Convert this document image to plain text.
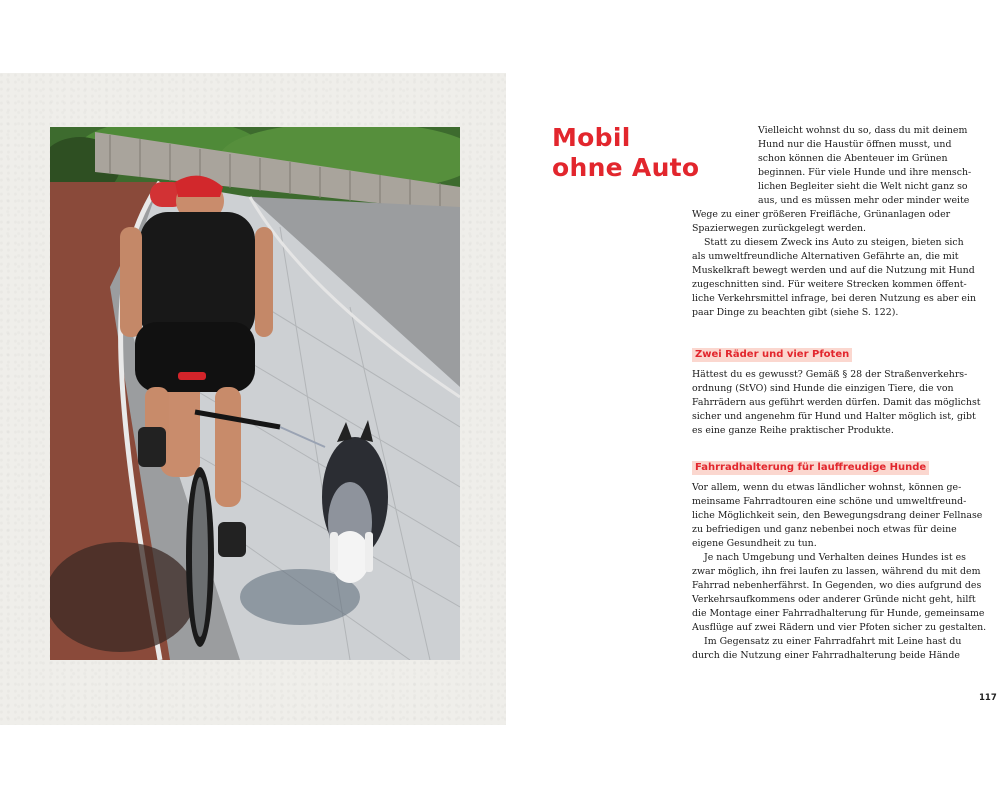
Mobil
ohne Auto
Vielleicht wohnst du so, dass du mit deinem
Hund nur die Haustür öffnen musst, und
schon können die Abenteuer im Grünen
beginnen. Für viele Hunde und ihre mensch-
lichen Begleiter sieht die Welt nicht ganz so
aus, und es müssen mehr oder minder weite
Wege zu einer größeren Freifläche, Grünanlagen oder
Spazierwegen zurückgelegt werden.
Statt zu diesem Zweck ins Auto zu steigen, bieten sich
als umweltfreundliche Alternativen Gefährte an, die mit
Muskelkraft bewegt werden und auf die Nutzung mit Hund
zugeschnitten sind. Für weitere Strecken kommen öffent-
liche Verkehrsmittel infrage, bei deren Nutzung es aber ein
paar Dinge zu beachten gibt (siehe S. 122).
Zwei Räder und vier Pfoten
Hättest du es gewusst? Gemäß § 28 der Straßenverkehrs-
ordnung (StVO) sind Hunde die einzigen Tiere, die von
Fahrrädern aus geführt werden dürfen. Damit das möglichst
sicher und angenehm für Hund und Halter möglich ist, gibt
es eine ganze Reihe praktischer Produkte.
Fahrradhalterung für lauffreudige Hunde
Vor allem, wenn du etwas ländlicher wohnst, können ge-
meinsame Fahrradtouren eine schöne und umweltfreund-
liche Möglichkeit sein, den Bewegungsdrang deiner Fellnase
zu befriedigen und ganz nebenbei noch etwas für deine
eigene Gesundheit zu tun.
Je nach Umgebung und Verhalten deines Hundes ist es
zwar möglich, ihn frei laufen zu lassen, während du mit dem
Fahrrad nebenherfährst. In Gegenden, wo dies aufgrund des
Verkehrsaufkommens oder anderer Gründe nicht geht, hilft
die Montage einer Fahrradhalterung für Hunde, gemeinsame
Ausflüge auf zwei Rädern und vier Pfoten sicher zu gestalten.
Im Gegensatz zu einer Fahrradfahrt mit Leine hast du
durch die Nutzung einer Fahrradhalterung beide Hände
117
